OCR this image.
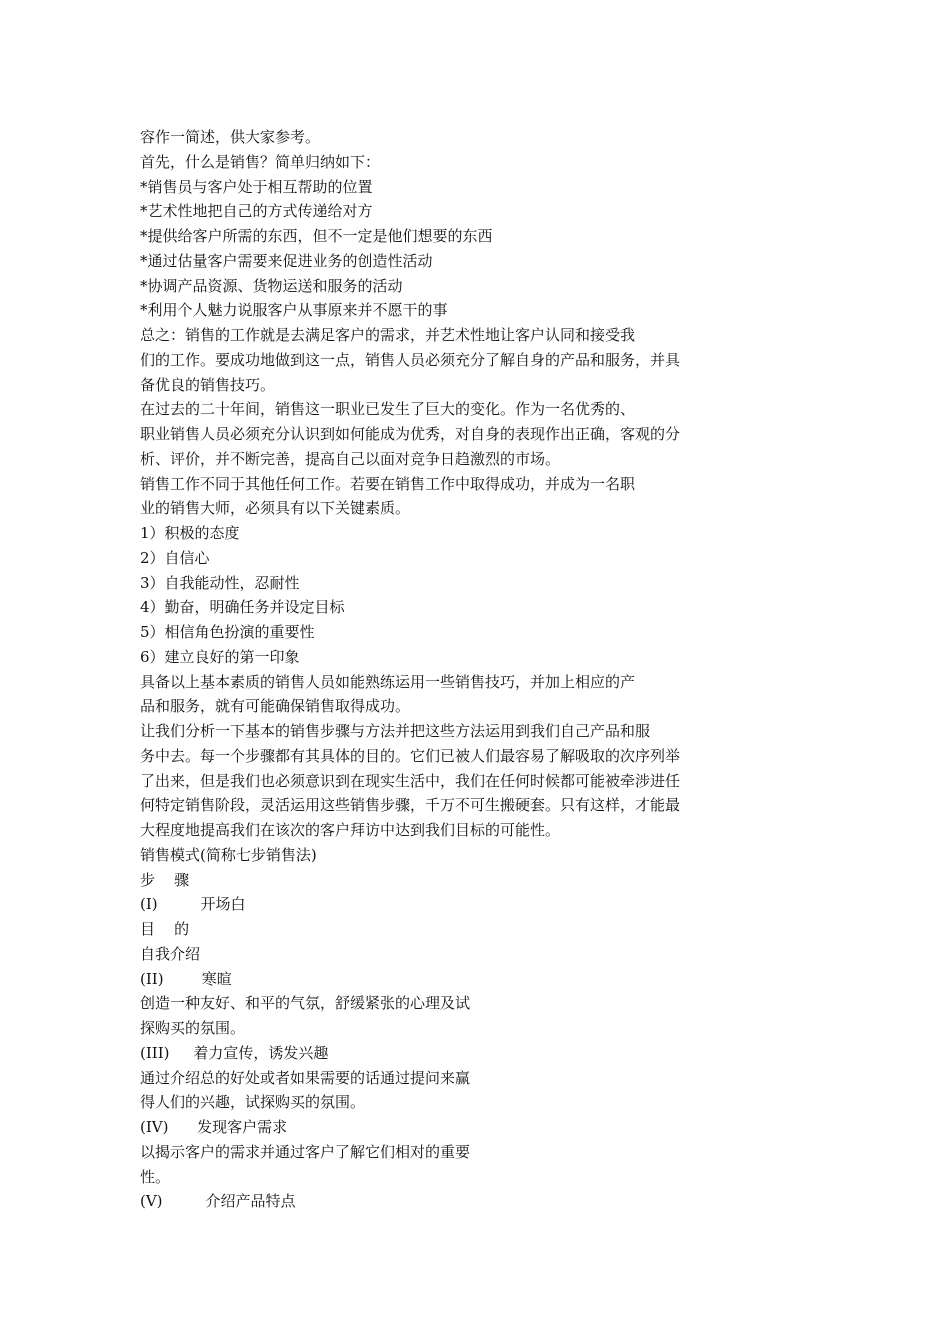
容作一简述，供大家参考。
首先，什么是销售？简单归纳如下：
*销售员与客户处于相互帮助的位置
*艺术性地把自己的方式传递给对方
*提供给客户所需的东西，但不一定是他们想要的东西
*通过估量客户需要来促进业务的创造性活动
*协调产品资源、货物运送和服务的活动
*利用个人魅力说服客户从事原来并不愿干的事
总之：销售的工作就是去满足客户的需求，并艺术性地让客户认同和接受我
们的工作。要成功地做到这一点，销售人员必须充分了解自身的产品和服务，并具
备优良的销售技巧。
在过去的二十年间，销售这一职业已发生了巨大的变化。作为一名优秀的、
职业销售人员必须充分认识到如何能成为优秀，对自身的表现作出正确，客观的分
析、评价，并不断完善，提高自己以面对竞争日趋激烈的市场。
销售工作不同于其他任何工作。若要在销售工作中取得成功，并成为一名职
业的销售大师，必须具有以下关键素质。
1）积极的态度
2）自信心
3）自我能动性，忍耐性
4）勤奋，明确任务并设定目标
5）相信角色扮演的重要性
6）建立良好的第一印象
具备以上基本素质的销售人员如能熟练运用一些销售技巧，并加上相应的产
品和服务，就有可能确保销售取得成功。
让我们分析一下基本的销售步骤与方法并把这些方法运用到我们自己产品和服
务中去。每一个步骤都有其具体的目的。它们已被人们最容易了解吸取的次序列举
了出来，但是我们也必须意识到在现实生活中，我们在任何时候都可能被牵涉进任
何特定销售阶段，灵活运用这些销售步骤，千万不可生搬硬套。只有这样，才能最
大程度地提高我们在该次的客户拜访中达到我们目标的可能性。
销售模式(简称七步销售法)
步    骤
(I)         开场白
目    的
自我介绍
(II)        寒暄
创造一种友好、和平的气氛，舒缓紧张的心理及试
探购买的氛围。
(III)     着力宣传，诱发兴趣
通过介绍总的好处或者如果需要的话通过提问来赢
得人们的兴趣，试探购买的氛围。
(IV)      发现客户需求
以揭示客户的需求并通过客户了解它们相对的重要
性。
(V)         介绍产品特点
